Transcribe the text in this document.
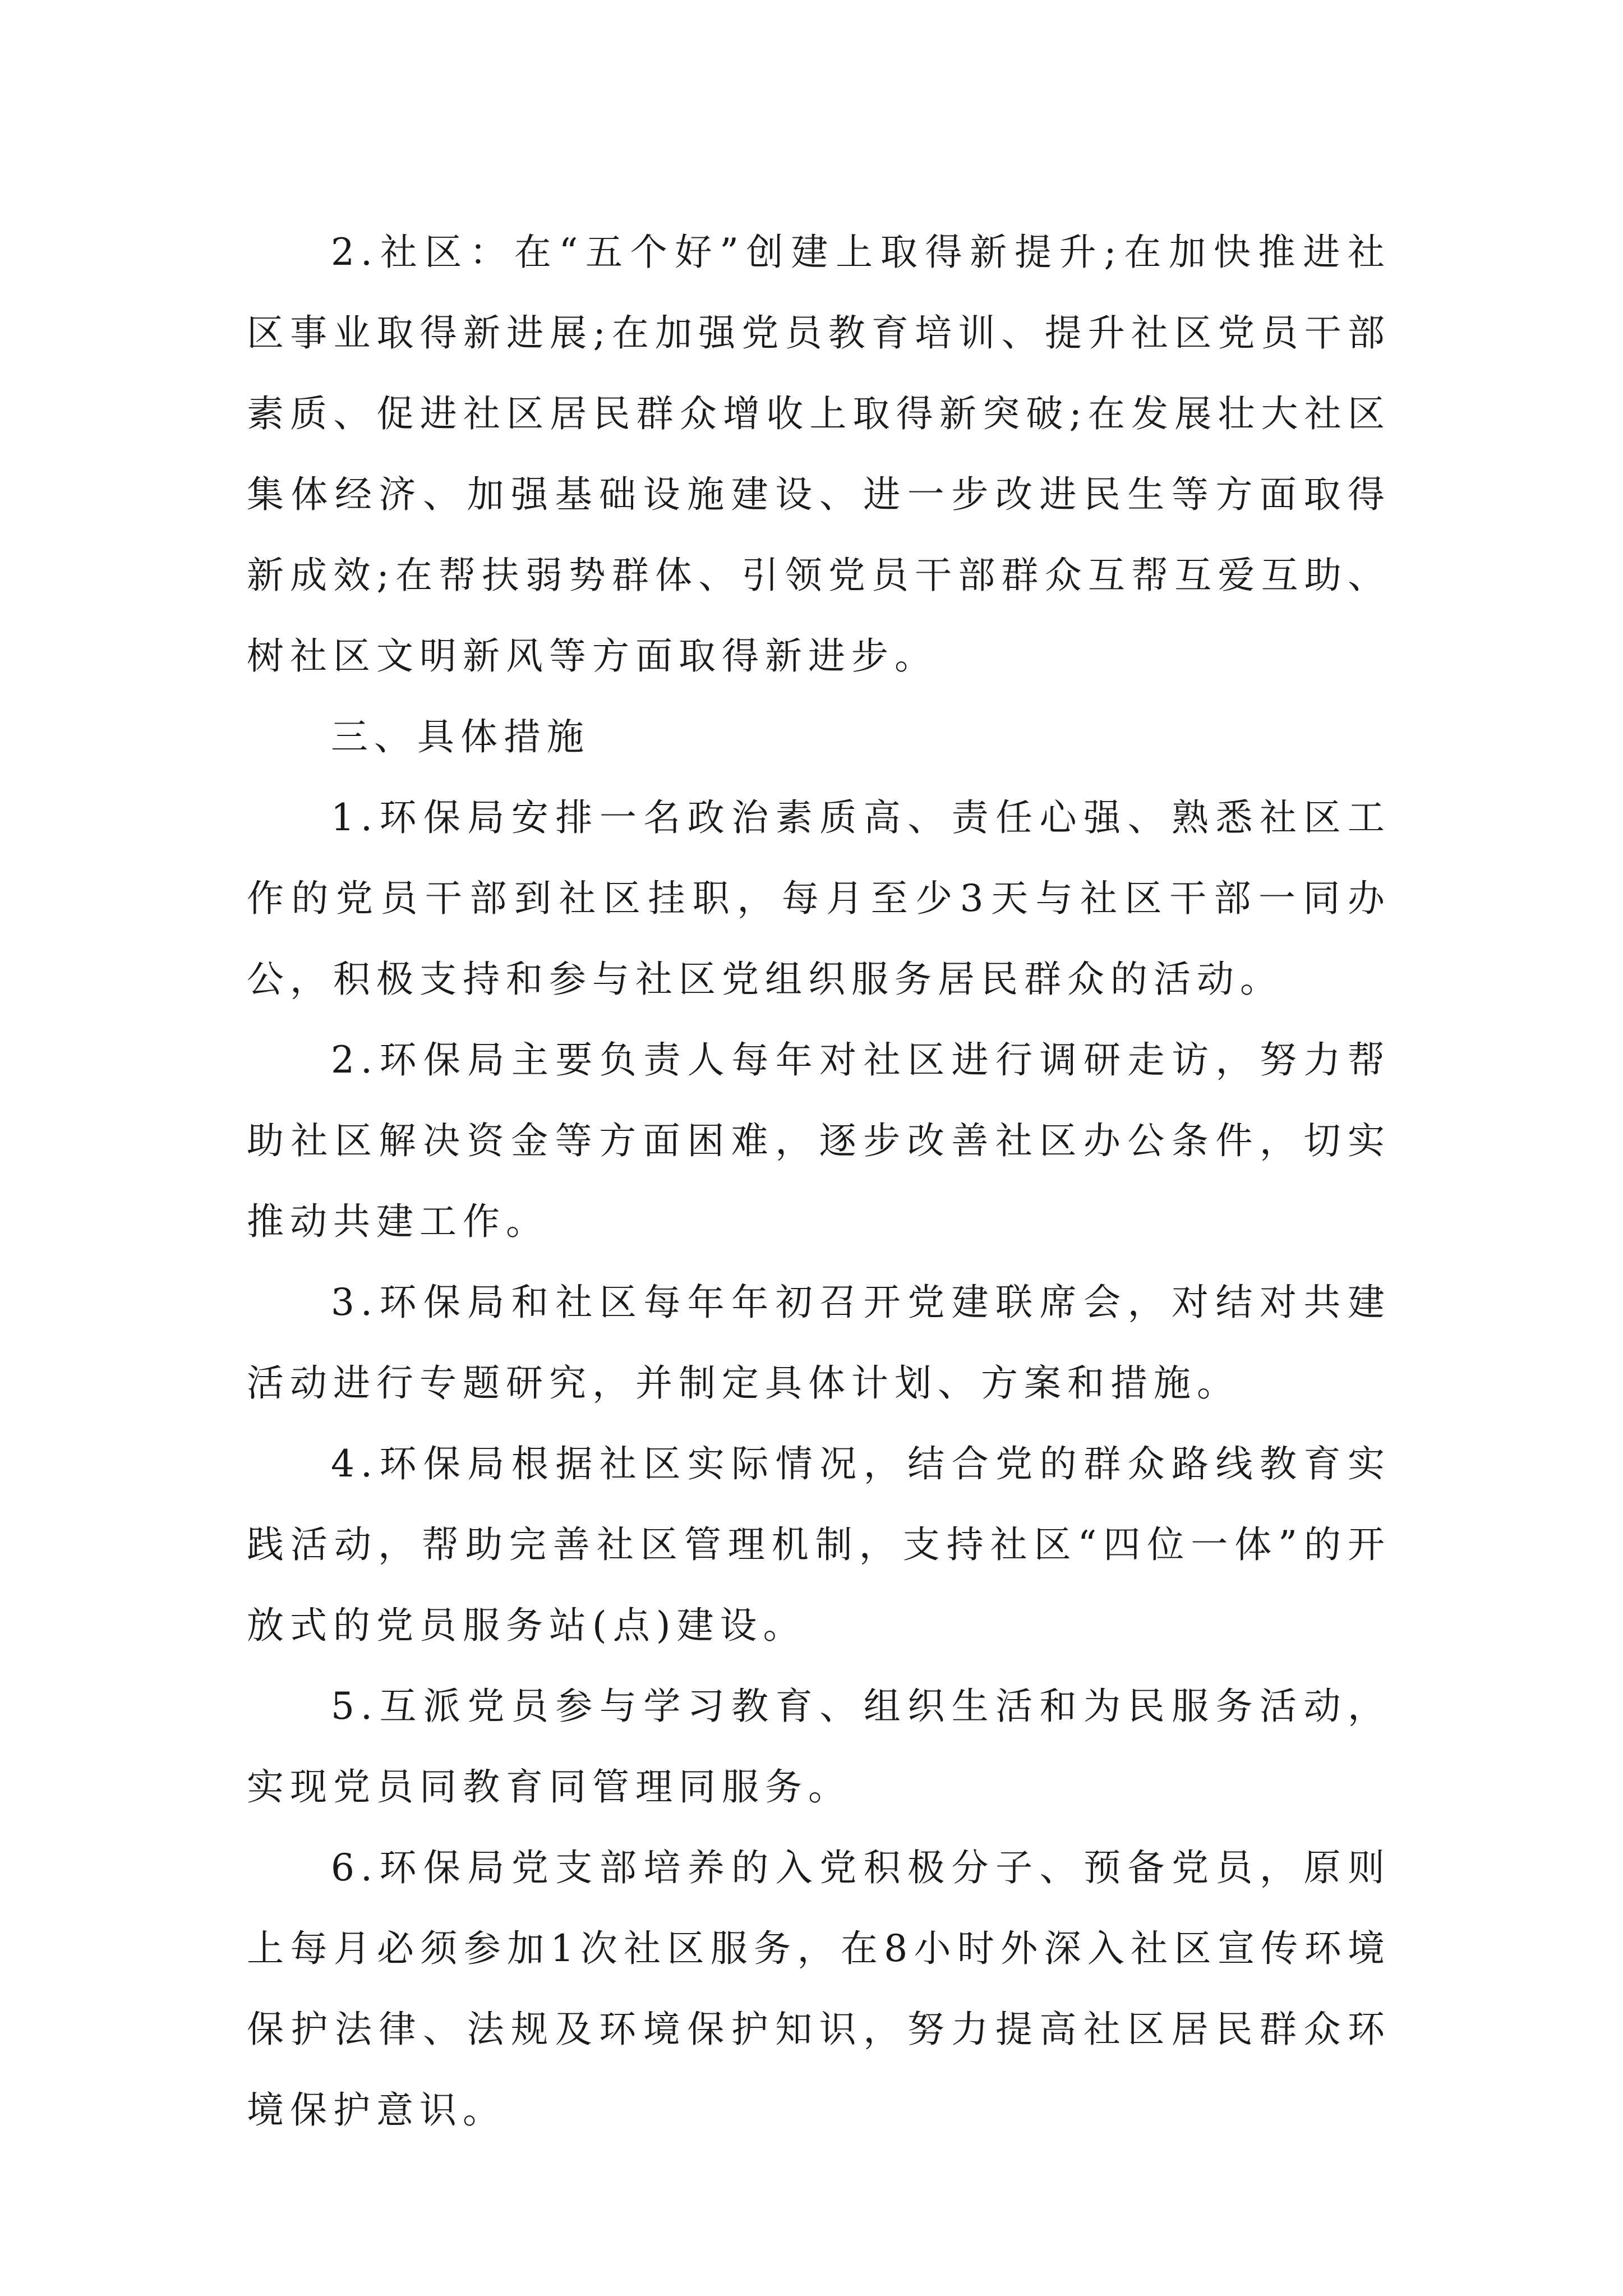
2.社区：在“五个好”创建上取得新提升;在加快推进社区事业取得新进展;在加强党员教育培训、提升社区党员干部素质、促进社区居民群众增收上取得新突破;在发展壮大社区集体经济、加强基础设施建设、进一步改进民生等方面取得新成效;在帮扶弱势群体、引领党员干部群众互帮互爱互助、树社区文明新风等方面取得新进步。

三、具体措施

1.环保局安排一名政治素质高、责任心强、熟悉社区工作的党员干部到社区挂职，每月至少3天与社区干部一同办公，积极支持和参与社区党组织服务居民群众的活动。

2.环保局主要负责人每年对社区进行调研走访，努力帮助社区解决资金等方面困难，逐步改善社区办公条件，切实推动共建工作。

3.环保局和社区每年年初召开党建联席会，对结对共建活动进行专题研究，并制定具体计划、方案和措施。

4.环保局根据社区实际情况，结合党的群众路线教育实践活动，帮助完善社区管理机制，支持社区“四位一体”的开放式的党员服务站(点)建设。

5.互派党员参与学习教育、组织生活和为民服务活动，实现党员同教育同管理同服务。

6.环保局党支部培养的入党积极分子、预备党员，原则上每月必须参加1次社区服务，在8小时外深入社区宣传环境保护法律、法规及环境保护知识，努力提高社区居民群众环境保护意识。
